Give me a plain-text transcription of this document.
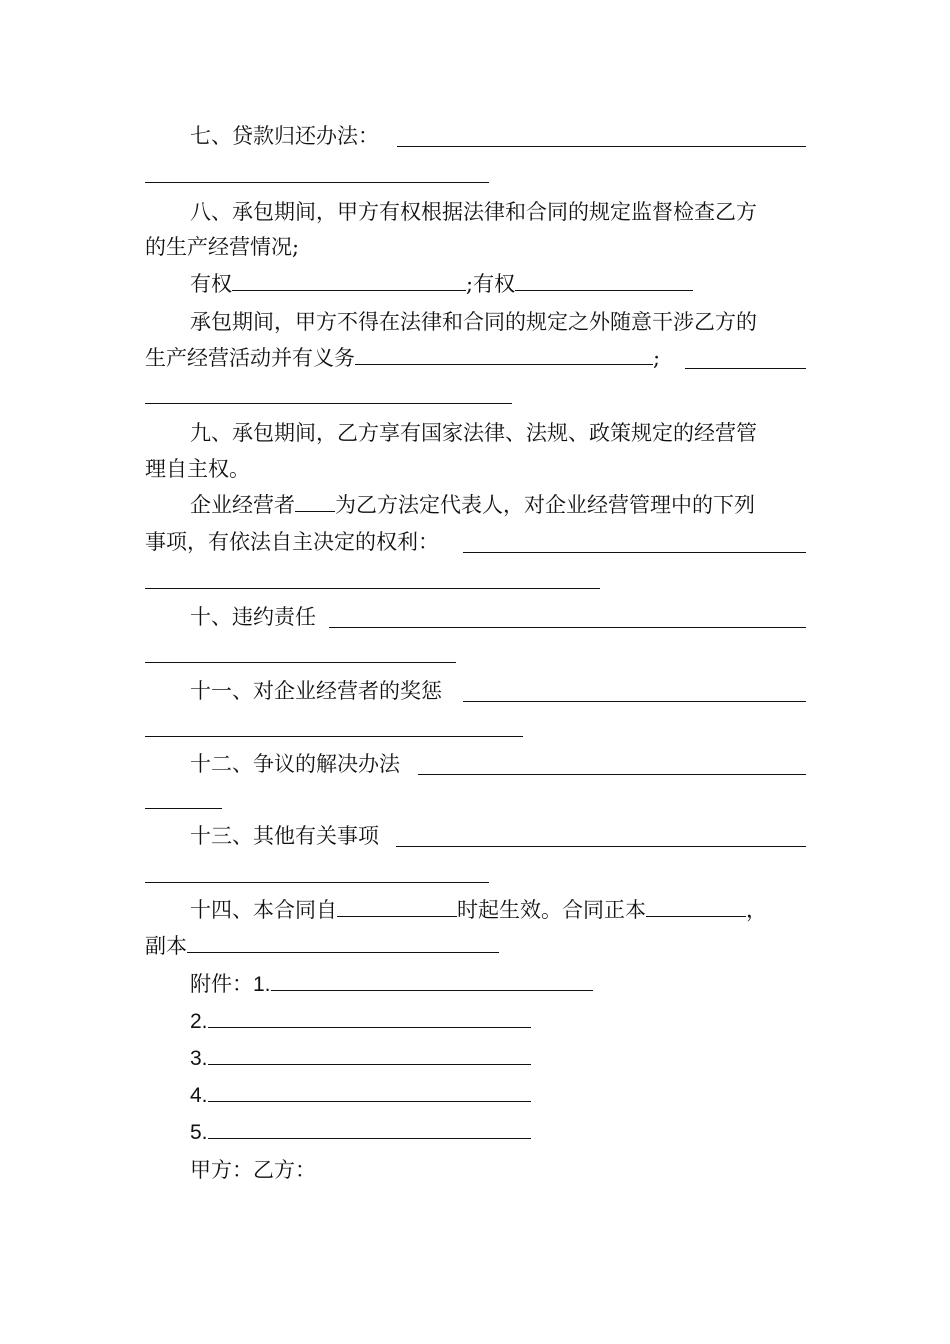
七、贷款归还办法：
八、承包期间，甲方有权根据法律和合同的规定监督检查乙方
的生产经营情况;
有权	;有权
承包期间，甲方不得在法律和合同的规定之外随意干涉乙方的
生产经营活动并有义务	;
九、承包期间，乙方享有国家法律、法规、政策规定的经营管
理自主权。
企业经营者 为乙方法定代表人，对企业经营管理中的下列
事项，有依法自主决定的权利：
十、违约责任
十一、对企业经营者的奖惩
十二、争议的解决办法
十三、其他有关事项
十四、本合同自	时起生效。合同正本	，
副本
附件：1.
2.
3.
4.
5.
甲方：乙方：
